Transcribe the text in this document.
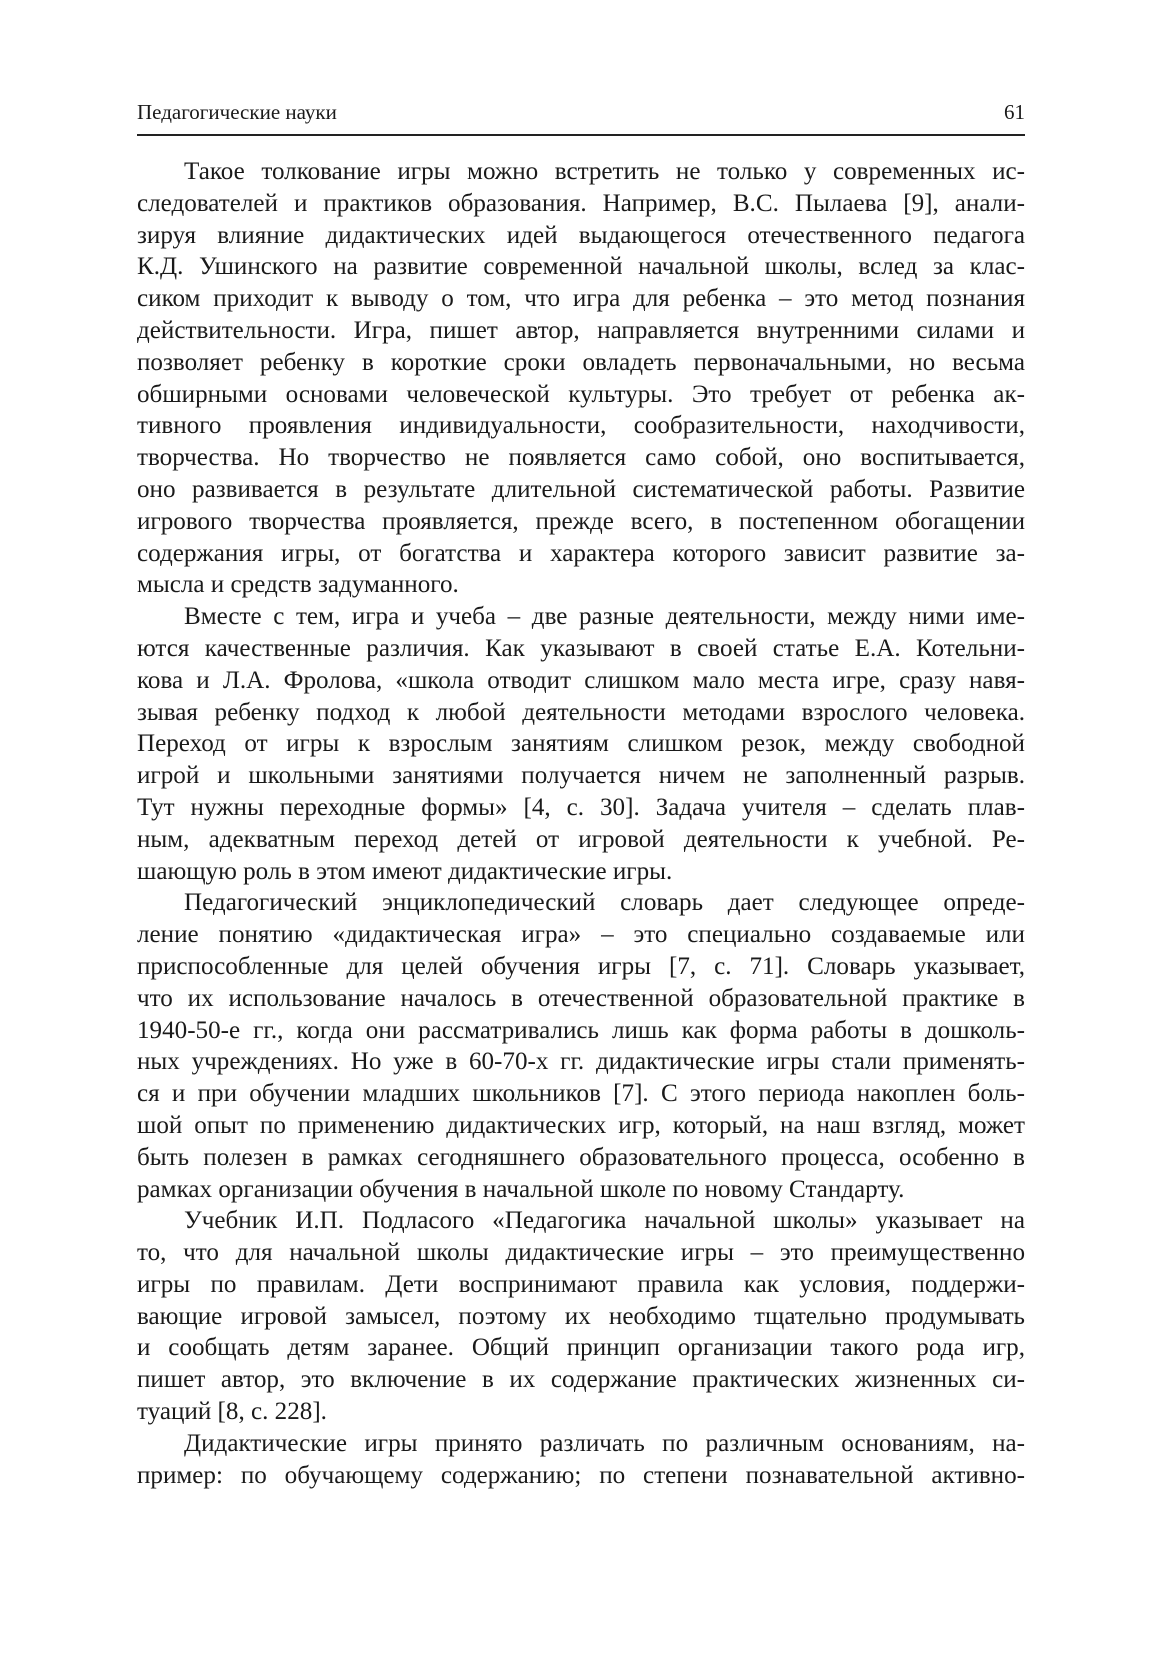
Педагогические науки	61

Такое толкование игры можно встретить не только у современных ис-
следователей и практиков образования. Например, В.С. Пылаева [9], анали-
зируя влияние дидактических идей выдающегося отечественного педагога
К.Д. Ушинского на развитие современной начальной школы, вслед за клас-
сиком приходит к выводу о том, что игра для ребенка – это метод познания
действительности. Игра, пишет автор, направляется внутренними силами и
позволяет ребенку в короткие сроки овладеть первоначальными, но весьма
обширными основами человеческой культуры. Это требует от ребенка ак-
тивного проявления индивидуальности, сообразительности, находчивости,
творчества. Но творчество не появляется само собой, оно воспитывается,
оно развивается в результате длительной систематической работы. Развитие
игрового творчества проявляется, прежде всего, в постепенном обогащении
содержания игры, от богатства и характера которого зависит развитие за-
мысла и средств задуманного.

Вместе с тем, игра и учеба – две разные деятельности, между ними име-
ются качественные различия. Как указывают в своей статье Е.А. Котельни-
кова и Л.А. Фролова, «школа отводит слишком мало места игре, сразу навя-
зывая ребенку подход к любой деятельности методами взрослого человека.
Переход от игры к взрослым занятиям слишком резок, между свободной
игрой и школьными занятиями получается ничем не заполненный разрыв.
Тут нужны переходные формы» [4, с. 30]. Задача учителя – сделать плав-
ным, адекватным переход детей от игровой деятельности к учебной. Ре-
шающую роль в этом имеют дидактические игры.

Педагогический энциклопедический словарь дает следующее опреде-
ление понятию «дидактическая игра» – это специально создаваемые или
приспособленные для целей обучения игры [7, с. 71]. Словарь указывает,
что их использование началось в отечественной образовательной практике в
1940-50-е гг., когда они рассматривались лишь как форма работы в дошколь-
ных учреждениях. Но уже в 60-70-х гг. дидактические игры стали применять-
ся и при обучении младших школьников [7]. С этого периода накоплен боль-
шой опыт по применению дидактических игр, который, на наш взгляд, может
быть полезен в рамках сегодняшнего образовательного процесса, особенно в
рамках организации обучения в начальной школе по новому Стандарту.

Учебник И.П. Подласого «Педагогика начальной школы» указывает на
то, что для начальной школы дидактические игры – это преимущественно
игры по правилам. Дети воспринимают правила как условия, поддержи-
вающие игровой замысел, поэтому их необходимо тщательно продумывать
и сообщать детям заранее. Общий принцип организации такого рода игр,
пишет автор, это включение в их содержание практических жизненных си-
туаций [8, с. 228].

Дидактические игры принято различать по различным основаниям, на-
пример: по обучающему содержанию; по степени познавательной активно-
